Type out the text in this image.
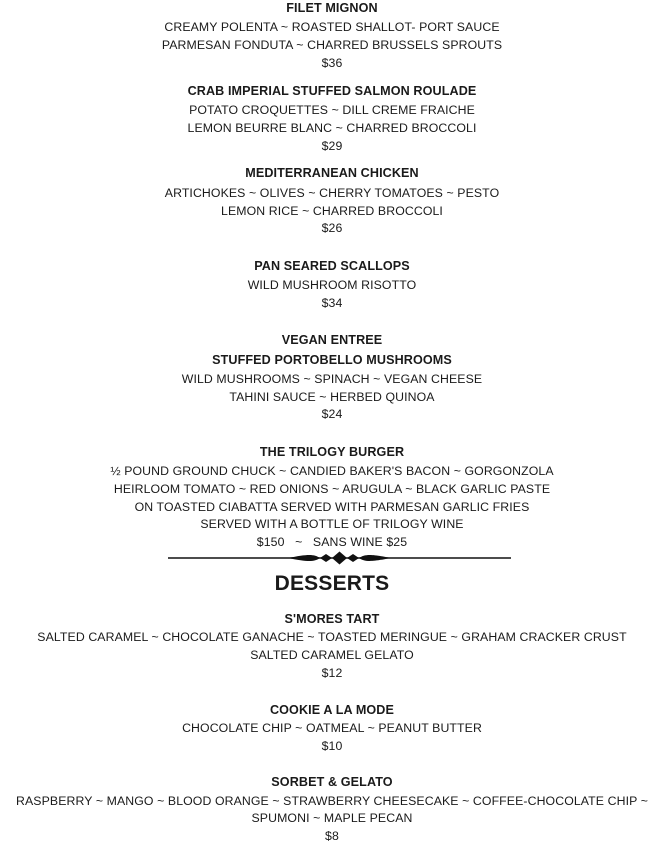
FILET MIGNON
CREAMY POLENTA ~ ROASTED SHALLOT- PORT SAUCE
PARMESAN FONDUTA ~ CHARRED BRUSSELS SPROUTS
$36
CRAB IMPERIAL STUFFED SALMON ROULADE
POTATO CROQUETTES ~ DILL CREME FRAICHE
LEMON BEURRE BLANC ~ CHARRED BROCCOLI
$29
MEDITERRANEAN CHICKEN
ARTICHOKES ~ OLIVES ~ CHERRY TOMATOES ~ PESTO
LEMON RICE ~ CHARRED BROCCOLI
$26
PAN SEARED SCALLOPS
WILD MUSHROOM RISOTTO
$34
VEGAN ENTREE
STUFFED PORTOBELLO MUSHROOMS
WILD MUSHROOMS ~ SPINACH ~ VEGAN CHEESE
TAHINI SAUCE ~ HERBED QUINOA
$24
THE TRILOGY BURGER
½ POUND GROUND CHUCK ~ CANDIED BAKER'S BACON ~ GORGONZOLA
HEIRLOOM TOMATO ~ RED ONIONS ~ ARUGULA ~ BLACK GARLIC PASTE
ON TOASTED CIABATTA SERVED WITH PARMESAN GARLIC FRIES
SERVED WITH A BOTTLE OF TRILOGY WINE
$150   ~   SANS WINE $25
DESSERTS
S'MORES TART
SALTED CARAMEL ~ CHOCOLATE GANACHE ~ TOASTED MERINGUE ~ GRAHAM CRACKER CRUST
SALTED CARAMEL GELATO
$12
COOKIE A LA MODE
CHOCOLATE CHIP ~ OATMEAL ~ PEANUT BUTTER
$10
SORBET & GELATO
RASPBERRY ~ MANGO ~ BLOOD ORANGE ~ STRAWBERRY CHEESECAKE ~ COFFEE-CHOCOLATE CHIP ~
SPUMONI ~ MAPLE PECAN
$8
